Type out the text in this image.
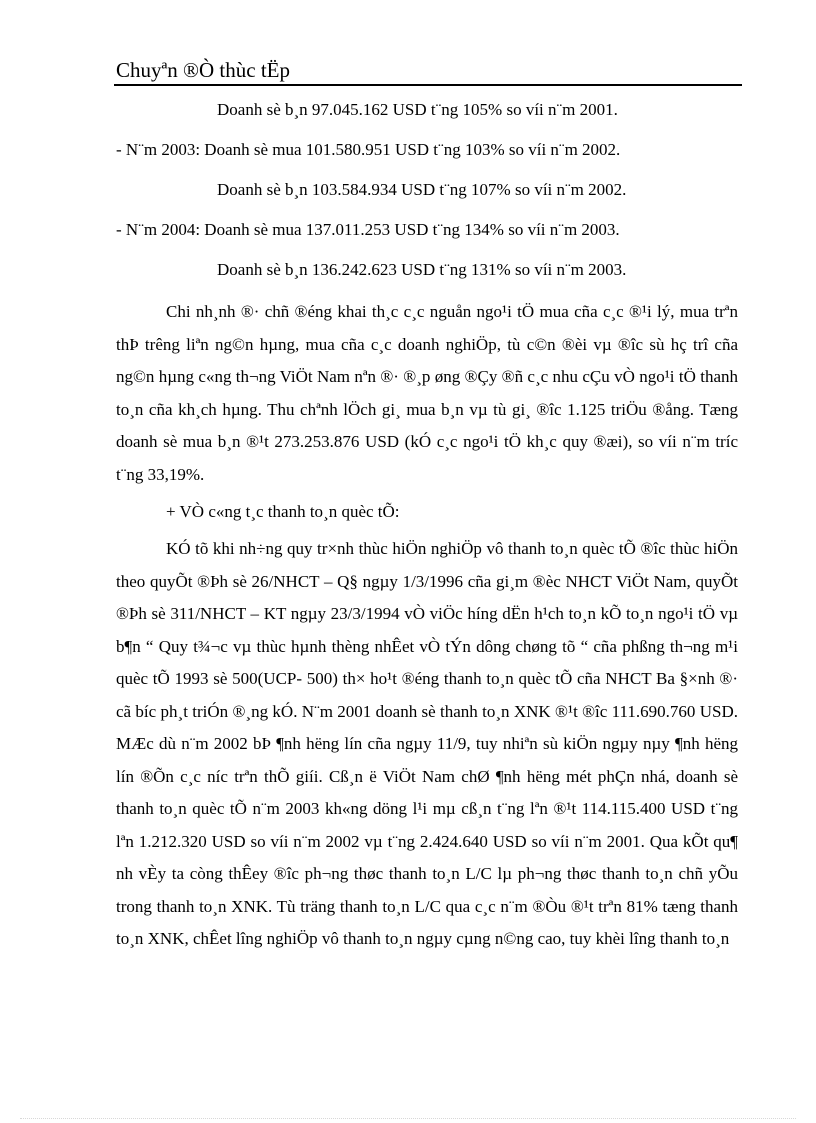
Chuyªn ®Ò thùc tËp
Doanh sè b¸n 97.045.162 USD t¨ng 105% so víi n¨m 2001.
- N¨m 2003: Doanh sè mua 101.580.951 USD t¨ng 103% so víi n¨m 2002.
Doanh sè b¸n 103.584.934 USD t¨ng 107% so víi n¨m 2002.
- N¨m 2004: Doanh sè mua 137.011.253 USD t¨ng 134% so víi n¨m 2003.
Doanh sè b¸n 136.242.623 USD t¨ng 131% so víi n¨m 2003.

Chi nh¸nh ®· chñ ®éng khai th¸c c¸c nguån ngo¹i tÖ mua cña c¸c ®¹i lý, mua trªn thÞ trêng liªn ng©n hµng, mua cña c¸c doanh nghiÖp, tù c©n ®èi vµ ®îc sù hç trî cña ng©n hµng c«ng th¬ng ViÖt Nam nªn ®· ®¸p øng ®Çy ®ñ c¸c nhu cÇu vÒ ngo¹i tÖ thanh to¸n cña kh¸ch hµng. Thu chªnh lÖch gi¸ mua b¸n vµ tù gi¸ ®îc 1.125 triÖu ®ång. Tæng doanh sè mua b¸n ®¹t 273.253.876 USD (kÓ c¸c ngo¹i tÖ kh¸c quy ®æi), so víi n¨m tríc t¨ng 33,19%.

+ VÒ c«ng t¸c thanh to¸n quèc tÕ:

KÓ tõ khi nh÷ng quy tr×nh thùc hiÖn nghiÖp vô thanh to¸n quèc tÕ ®îc thùc hiÖn theo quyÕt ®Þh sè 26/NHCT – Q§ ngµy 1/3/1996 cña gi¸m ®èc NHCT ViÖt Nam, quyÕt ®Þh sè 311/NHCT – KT ngµy 23/3/1994 vÒ viÖc híng dËn h¹ch to¸n kÕ to¸n ngo¹i tÖ vµ b¶n “ Quy t¾¬c vµ thùc hµnh thèng nhÊet vÒ tÝn dông chøng tõ “ cña phßng th¬ng m¹i quèc tÕ 1993 sè 500(UCP- 500) th× ho¹t ®éng thanh to¸n quèc tÕ cña NHCT Ba §×nh ®· cã bíc ph¸t triÓn ®¸ng kÓ. N¨m 2001 doanh sè thanh to¸n XNK ®¹t ®îc 111.690.760 USD. MÆc dù n¨m 2002 bÞ ¶nh hëng lín cña ngµy 11/9, tuy nhiªn sù kiÖn ngµy nµy ¶nh hëng lín ®Õn c¸c níc trªn thÕ giíi. Cß¸n ë ViÖt Nam chØ ¶nh hëng mét phÇn nhá, doanh sè thanh to¸n quèc tÕ n¨m 2003 kh«ng döng l¹i mµ cß¸n t¨ng lªn ®¹t 114.115.400 USD t¨ng lªn 1.212.320 USD so víi n¨m 2002 vµ t¨ng 2.424.640 USD so víi n¨m 2001. Qua kÕt qu¶ nh vÈy ta còng thÊey ®îc ph¬ng thøc thanh to¸n L/C lµ ph¬ng thøc thanh to¸n chñ yÕu trong thanh to¸n XNK. Tù träng thanh to¸n L/C qua c¸c n¨m ®Òu ®¹t trªn 81% tæng thanh to¸n XNK, chÊet lîng nghiÖp vô thanh to¸n ngµy cµng n©ng cao, tuy khèi lîng thanh to¸n
